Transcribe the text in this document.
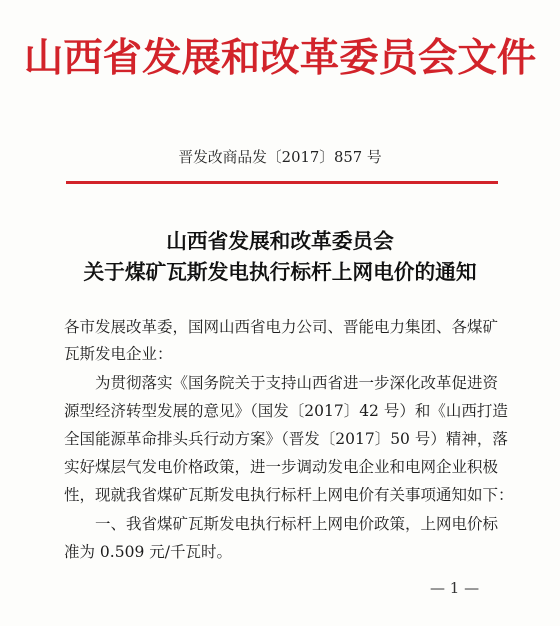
山西省发展和改革委员会文件
晋发改商品发〔2017〕857 号
山西省发展和改革委员会
关于煤矿瓦斯发电执行标杆上网电价的通知
各市发展改革委，国网山西省电力公司、晋能电力集团、各煤矿
瓦斯发电企业：
　　为贯彻落实《国务院关于支持山西省进一步深化改革促进资
源型经济转型发展的意见》（国发〔2017〕42 号）和《山西打造
全国能源革命排头兵行动方案》（晋发〔2017〕50 号）精神，落
实好煤层气发电价格政策，进一步调动发电企业和电网企业积极
性，现就我省煤矿瓦斯发电执行标杆上网电价有关事项通知如下：
　　一、我省煤矿瓦斯发电执行标杆上网电价政策，上网电价标
准为 0.509 元/千瓦时。
— 1 —
